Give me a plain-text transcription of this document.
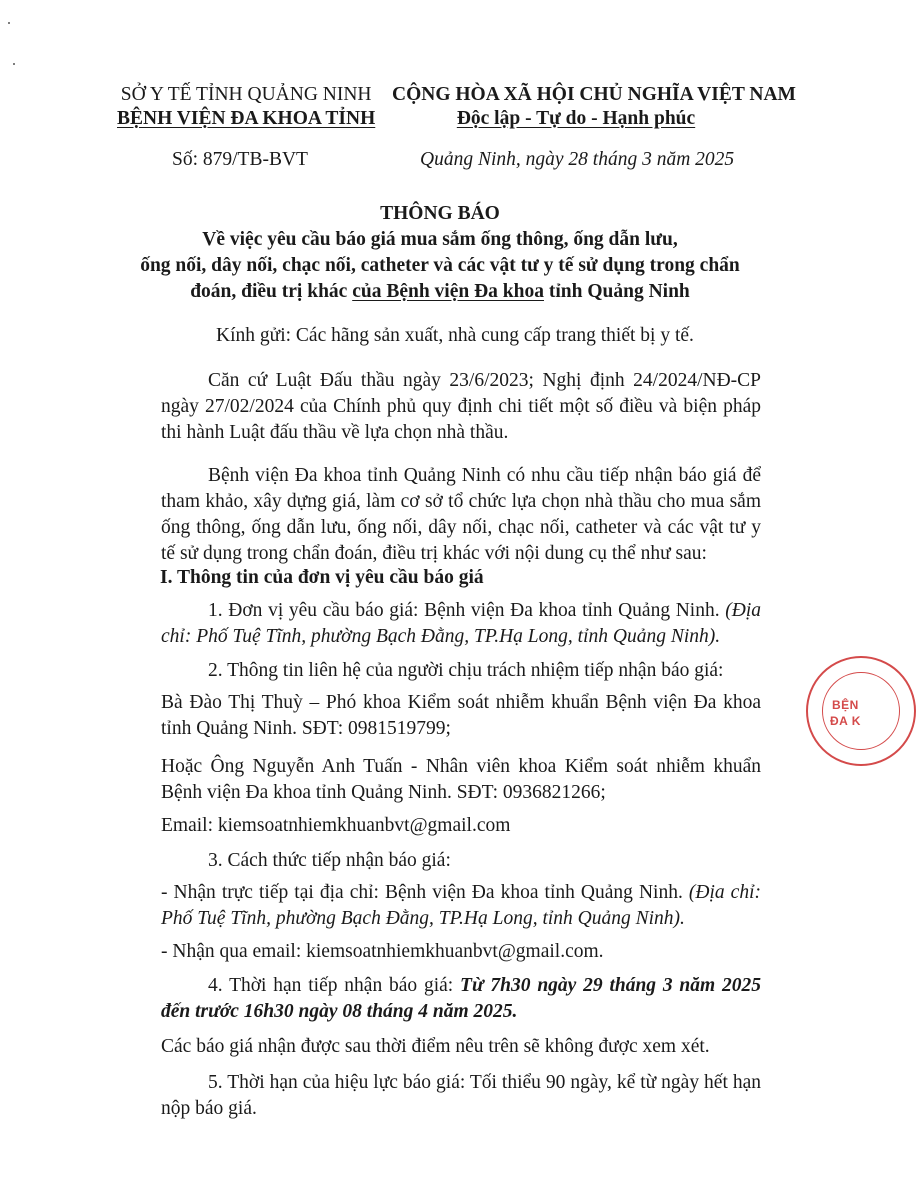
SỞ Y TẾ TỈNH QUẢNG NINH
BỆNH VIỆN ĐA KHOA TỈNH
CỘNG HÒA XÃ HỘI CHỦ NGHĨA VIỆT NAM
Độc lập - Tự do - Hạnh phúc
Số: 879/TB-BVT	Quảng Ninh, ngày 28 tháng 3 năm 2025
THÔNG BÁO
Về việc yêu cầu báo giá mua sắm ống thông, ống dẫn lưu,
ống nối, dây nối, chạc nối, catheter và các vật tư y tế sử dụng trong chẩn
đoán, điều trị khác của Bệnh viện Đa khoa tỉnh Quảng Ninh
Kính gửi: Các hãng sản xuất, nhà cung cấp trang thiết bị y tế.

Căn cứ Luật Đấu thầu ngày 23/6/2023; Nghị định 24/2024/NĐ-CP ngày 27/02/2024 của Chính phủ quy định chi tiết một số điều và biện pháp thi hành Luật đấu thầu về lựa chọn nhà thầu.

Bệnh viện Đa khoa tỉnh Quảng Ninh có nhu cầu tiếp nhận báo giá để tham khảo, xây dựng giá, làm cơ sở tổ chức lựa chọn nhà thầu cho mua sắm ống thông, ống dẫn lưu, ống nối, dây nối, chạc nối, catheter và các vật tư y tế sử dụng trong chẩn đoán, điều trị khác với nội dung cụ thể như sau:

I. Thông tin của đơn vị yêu cầu báo giá

1. Đơn vị yêu cầu báo giá: Bệnh viện Đa khoa tỉnh Quảng Ninh. (Địa chỉ: Phố Tuệ Tĩnh, phường Bạch Đằng, TP.Hạ Long, tỉnh Quảng Ninh).

2. Thông tin liên hệ của người chịu trách nhiệm tiếp nhận báo giá:

Bà Đào Thị Thuỳ – Phó khoa Kiểm soát nhiễm khuẩn Bệnh viện Đa khoa tỉnh Quảng Ninh. SĐT: 0981519799;

Hoặc Ông Nguyễn Anh Tuấn - Nhân viên khoa Kiểm soát nhiễm khuẩn Bệnh viện Đa khoa tỉnh Quảng Ninh. SĐT: 0936821266;

Email: kiemsoatnhiemkhuanbvt@gmail.com

3. Cách thức tiếp nhận báo giá:

- Nhận trực tiếp tại địa chỉ: Bệnh viện Đa khoa tỉnh Quảng Ninh. (Địa chỉ: Phố Tuệ Tĩnh, phường Bạch Đằng, TP.Hạ Long, tỉnh Quảng Ninh).

- Nhận qua email: kiemsoatnhiemkhuanbvt@gmail.com.

4. Thời hạn tiếp nhận báo giá: Từ 7h30 ngày 29 tháng 3 năm 2025 đến trước 16h30 ngày 08 tháng 4 năm 2025.

Các báo giá nhận được sau thời điểm nêu trên sẽ không được xem xét.

5. Thời hạn của hiệu lực báo giá: Tối thiểu 90 ngày, kể từ ngày hết hạn nộp báo giá.

BỆN
ĐA K
